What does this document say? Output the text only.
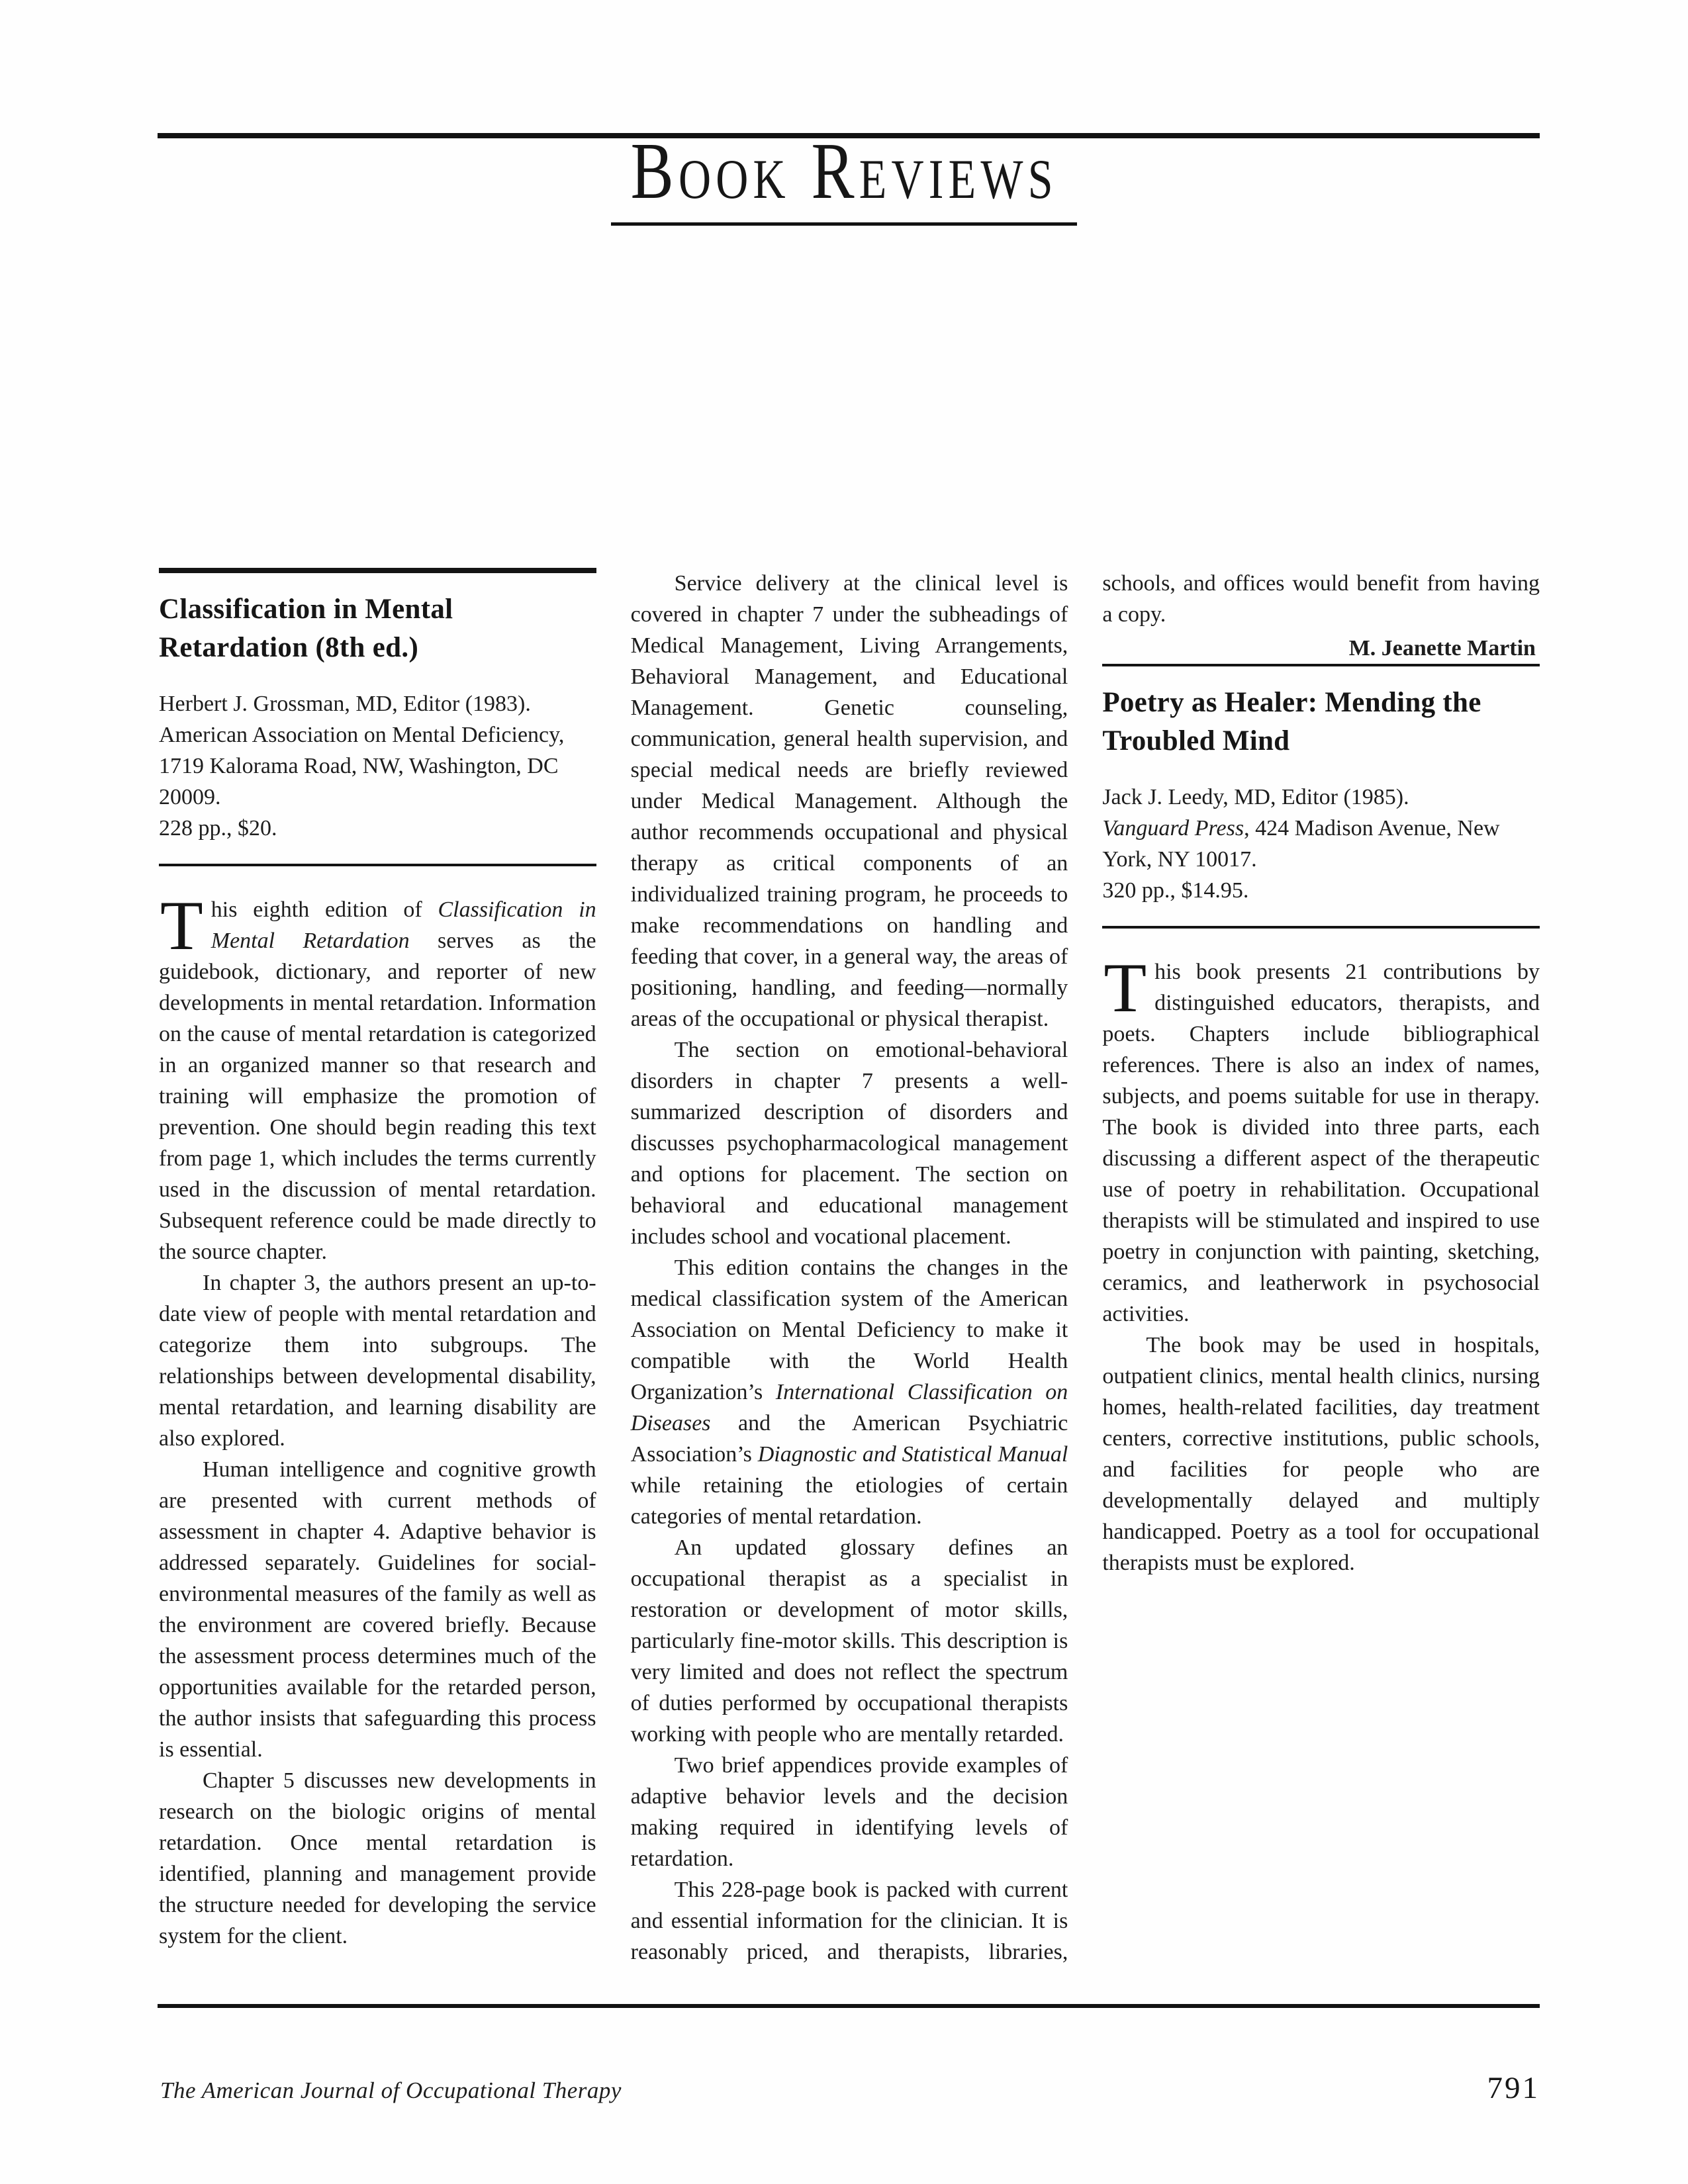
Book Reviews
Classification in Mental Retardation (8th ed.)
Herbert J. Grossman, MD, Editor (1983).
American Association on Mental Deficiency, 1719 Kalorama Road, NW, Washington, DC 20009.
228 pp., $20.

This eighth edition of Classification in Mental Retardation serves as the guidebook, dictionary, and reporter of new developments in mental retardation. Information on the cause of mental retardation is categorized in an organized manner so that research and training will emphasize the promotion of prevention. One should begin reading this text from page 1, which includes the terms currently used in the discussion of mental retardation. Subsequent reference could be made directly to the source chapter.

In chapter 3, the authors present an up-to-date view of people with mental retardation and categorize them into subgroups. The relationships between developmental disability, mental retardation, and learning disability are also explored.

Human intelligence and cognitive growth are presented with current methods of assessment in chapter 4. Adaptive behavior is addressed separately. Guidelines for social-environmental measures of the family as well as the environment are covered briefly. Because the assessment process determines much of the opportunities available for the retarded person, the author insists that safeguarding this process is essential.

Chapter 5 discusses new developments in research on the biologic origins of mental retardation. Once mental retardation is identified, planning and management provide the structure needed for developing the service system for the client.

Service delivery at the clinical level is covered in chapter 7 under the subheadings of Medical Management, Living Arrangements, Behavioral Management, and Educational Management. Genetic counseling, communication, general health supervision, and special medical needs are briefly reviewed under Medical Management. Although the author recommends occupational and physical therapy as critical components of an individualized training program, he proceeds to make recommendations on handling and feeding that cover, in a general way, the areas of positioning, handling, and feeding—normally areas of the occupational or physical therapist.

The section on emotional-behavioral disorders in chapter 7 presents a well-summarized description of disorders and discusses psychopharmacological management and options for placement. The section on behavioral and educational management includes school and vocational placement.

This edition contains the changes in the medical classification system of the American Association on Mental Deficiency to make it compatible with the World Health Organization’s International Classification on Diseases and the American Psychiatric Association’s Diagnostic and Statistical Manual while retaining the etiologies of certain categories of mental retardation.

An updated glossary defines an occupational therapist as a specialist in restoration or development of motor skills, particularly fine-motor skills. This description is very limited and does not reflect the spectrum of duties performed by occupational therapists working with people who are mentally retarded.

Two brief appendices provide examples of adaptive behavior levels and the decision making required in identifying levels of retardation.

This 228-page book is packed with current and essential information for the clinician. It is reasonably priced, and therapists, libraries, schools, and offices would benefit from having a copy.

M. Jeanette Martin
Poetry as Healer: Mending the Troubled Mind
Jack J. Leedy, MD, Editor (1985).
Vanguard Press, 424 Madison Avenue, New York, NY 10017.
320 pp., $14.95.

This book presents 21 contributions by distinguished educators, therapists, and poets. Chapters include bibliographical references. There is also an index of names, subjects, and poems suitable for use in therapy. The book is divided into three parts, each discussing a different aspect of the therapeutic use of poetry in rehabilitation. Occupational therapists will be stimulated and inspired to use poetry in conjunction with painting, sketching, ceramics, and leatherwork in psychosocial activities.

The book may be used in hospitals, outpatient clinics, mental health clinics, nursing homes, health-related facilities, day treatment centers, corrective institutions, public schools, and facilities for people who are developmentally delayed and multiply handicapped. Poetry as a tool for occupational therapists must be explored.

The American Journal of Occupational Therapy	791
